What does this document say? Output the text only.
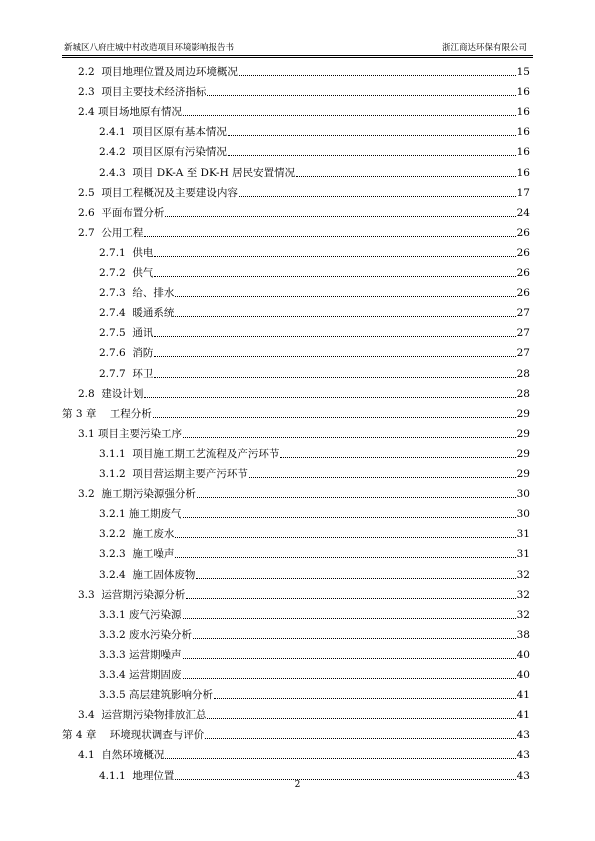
新城区八府庄城中村改造项目环境影响报告书	浙江商达环保有限公司
2.2  项目地理位置及周边环境概况	15
2.3  项目主要技术经济指标	16
2.4 项目场地原有情况	16
2.4.1  项目区原有基本情况	16
2.4.2  项目区原有污染情况	16
2.4.3  项目 DK-A 至 DK-H 居民安置情况	16
2.5  项目工程概况及主要建设内容	17
2.6  平面布置分析	24
2.7  公用工程	26
2.7.1  供电	26
2.7.2  供气	26
2.7.3  给、排水	26
2.7.4  暖通系统	27
2.7.5  通讯	27
2.7.6  消防	27
2.7.7  环卫	28
2.8  建设计划	28
第 3 章    工程分析	29
3.1 项目主要污染工序	29
3.1.1  项目施工期工艺流程及产污环节	29
3.1.2  项目营运期主要产污环节	29
3.2  施工期污染源强分析	30
3.2.1 施工期废气	30
3.2.2  施工废水	31
3.2.3  施工噪声	31
3.2.4  施工固体废物	32
3.3  运营期污染源分析	32
3.3.1 废气污染源	32
3.3.2 废水污染分析	38
3.3.3 运营期噪声	40
3.3.4 运营期固废	40
3.3.5 高层建筑影响分析	41
3.4  运营期污染物排放汇总	41
第 4 章    环境现状调查与评价	43
4.1  自然环境概况	43
4.1.1  地理位置	43
2
